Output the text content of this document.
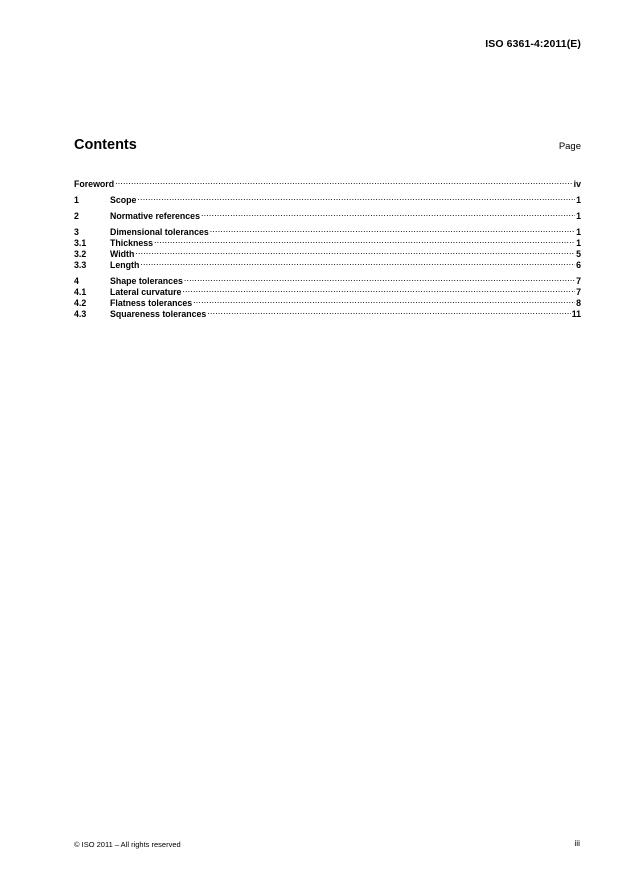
ISO 6361-4:2011(E)
Contents	Page
Foreword .....	iv
1	Scope .....	1
2	Normative references .....	1
3	Dimensional tolerances .....	1
3.1	Thickness .....	1
3.2	Width .....	5
3.3	Length .....	6
4	Shape tolerances .....	7
4.1	Lateral curvature .....	7
4.2	Flatness tolerances .....	8
4.3	Squareness tolerances .....	11
© ISO 2011 – All rights reserved	iii
